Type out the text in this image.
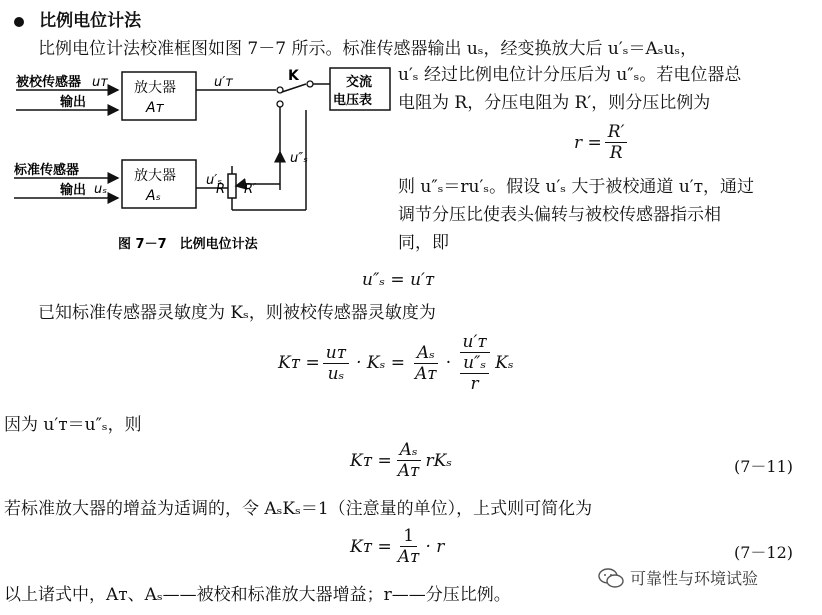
比例电位计法
比例电位计法校准框图如图 7－7 所示。标准传感器输出 uₛ，经变换放大后 u′ₛ＝Aₛuₛ，
u′ₛ 经过比例电位计分压后为 u″ₛ。若电位器总
电阻为 R，分压电阻为 R′，则分压比例为
被校传感器
输出
uᴛ 放大器
Aᴛ
u′ᴛ	K	交流
电压表
u″ₛ
标准传感器
输出 uₛ
放大器
Aₛ
u′ₛ
R R′
图 7－7　比例电位计法
$r = \frac{R'}{R}$
则 u″ₛ＝ru′ₛ。假设 u′ₛ 大于被校通道 u′ᴛ，通过
调节分压比使表头偏转与被校传感器指示相
同，即
u″ₛ = u′ᴛ
已知标准传感器灵敏度为 Kₛ，则被校传感器灵敏度为
Kᴛ = $\frac{\text{uᴛ}}{\text{uₛ}} \cdot K_s = \frac{\text{Aₛ}}{\text{Aᴛ}} \cdot \frac{\text{u′ᴛ}}{\frac{\text{u″ₛ}}{r}}$ Kₛ
因为 u′ᴛ＝u″ₛ，则
Kᴛ = $\frac{\text{Aₛ}}{\text{Aᴛ}}$ rKₛ	(7－11)
若标准放大器的增益为适调的，令 AₛKₛ＝1（注意量的单位），上式则可简化为
Kᴛ = $\frac{1}{\text{Aᴛ}} \cdot r$	(7－12)
以上诸式中，Aᴛ、Aₛ——被校和标准放大器增益；r——分压比例。
可靠性与环境试验
